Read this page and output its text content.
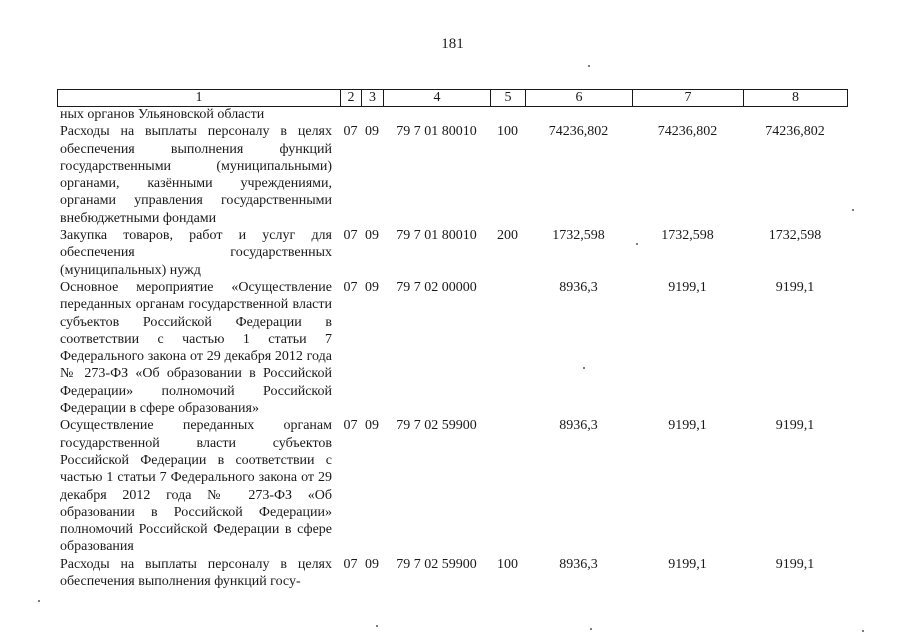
181
1	2	3	4	5	6	7	8
ных органов Ульяновской области							
Расходы на выплаты персоналу в целях обеспечения выполнения функций государственными (муниципальными) органами, казёнными учреждениями, органами управления государственными внебюджетными фондами	07	09	79 7 01 80010	100	74236,802	74236,802	74236,802
Закупка товаров, работ и услуг для обеспечения государственных (муниципальных) нужд	07	09	79 7 01 80010	200	1732,598	1732,598	1732,598
Основное мероприятие «Осуществление переданных органам государственной власти субъектов Российской Федерации в соответствии с частью 1 статьи 7 Федерального закона от 29 декабря 2012 года № 273-ФЗ «Об образовании в Российской Федерации» полномочий Российской Федерации в сфере образования»	07	09	79 7 02 00000		8936,3	9199,1	9199,1
Осуществление переданных органам государственной власти субъектов Российской Федерации в соответствии с частью 1 статьи 7 Федерального закона от 29 декабря 2012 года № 273-ФЗ «Об образовании в Российской Федерации» полномочий Российской Федерации в сфере образования	07	09	79 7 02 59900		8936,3	9199,1	9199,1
Расходы на выплаты персоналу в целях обеспечения выполнения функций госу-	07	09	79 7 02 59900	100	8936,3	9199,1	9199,1
